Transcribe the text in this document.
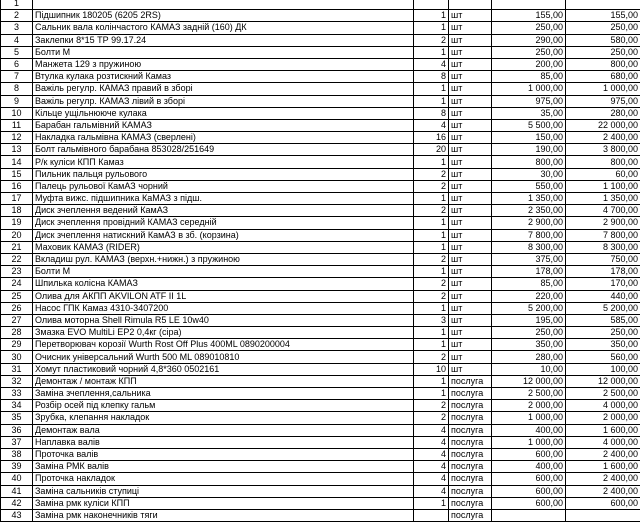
1					
2	Підшипник 180205 (6205 2RS)	1	шт	155,00	155,00
3	Сальник вала колінчастого КАМАЗ задній (160) ДК	1	шт	250,00	250,00
4	Заклепки 8*15 ТР 99.17.24	2	шт	290,00	580,00
5	Болти М	1	шт	250,00	250,00
6	Манжета 129 з пружиною	4	шт	200,00	800,00
7	Втулка кулака розтискний Камаз	8	шт	85,00	680,00
8	Важіль регулр. КАМАЗ правий в зборі	1	шт	1 000,00	1 000,00
9	Важіль регулр. КАМАЗ лівий в зборі	1	шт	975,00	975,00
10	Кільце ущільнююче кулака	8	шт	35,00	280,00
11	Барабан гальмівний КАМАЗ	4	шт	5 500,00	22 000,00
12	Накладка гальмівна КАМАЗ (сверлені)	16	шт	150,00	2 400,00
13	Болт гальмівного барабана 853028/251649	20	шт	190,00	3 800,00
14	Р/к куліси КПП Камаз	1	шт	800,00	800,00
15	Пильник пальця рульового	2	шт	30,00	60,00
16	Палець рульової КамАЗ чорний	2	шт	550,00	1 100,00
17	Муфта вижс. підшипника КаМАЗ з підш.	1	шт	1 350,00	1 350,00
18	Диск зчеплення ведений КамАЗ	2	шт	2 350,00	4 700,00
19	Диск зчеплення провідний КАМАЗ середній	1	шт	2 900,00	2 900,00
20	Диск зчеплення натискний КамАЗ в зб. (корзина)	1	шт	7 800,00	7 800,00
21	Маховик КАМАЗ (RIDER)	1	шт	8 300,00	8 300,00
22	Вкладиш рул. КАМАЗ (верхн.+нижн.) з пружиною	2	шт	375,00	750,00
23	Болти М	1	шт	178,00	178,00
24	Шпилька колісна КАМАЗ	2	шт	85,00	170,00
25	Олива для АКПП AKVILON ATF II 1L	2	шт	220,00	440,00
26	Насос ГПК Камаз 4310-3407200	1	шт	5 200,00	5 200,00
27	Олива моторна Shell Rimula R5 LE 10w40	3	шт	195,00	585,00
28	Змазка EVO MultiLi EP2 0,4кг (сіра)	1	шт	250,00	250,00
29	Перетворювач корозії Wurth Rost Off Plus 400ML 0890200004	1	шт	350,00	350,00
30	Очисник універсальний Wurth 500 ML 089010810	2	шт	280,00	560,00
31	Хомут пластиковий чорний 4,8*360 0502161	10	шт	10,00	100,00
32	Демонтаж / монтаж КПП	1	послуга	12 000,00	12 000,00
33	Заміна зчеплення,сальника	1	послуга	2 500,00	2 500,00
34	Розбір осей під клепку гальм	2	послуга	2 000,00	4 000,00
35	Зрубка, клепання накладок	2	послуга	1 000,00	2 000,00
36	Демонтаж вала	4	послуга	400,00	1 600,00
37	Наплавка валів	4	послуга	1 000,00	4 000,00
38	Проточка валів	4	послуга	600,00	2 400,00
39	Заміна РМК валів	4	послуга	400,00	1 600,00
40	Проточка накладок	4	послуга	600,00	2 400,00
41	Заміна сальників ступиці	4	послуга	600,00	2 400,00
42	Заміна рмк куліси КПП	1	послуга	600,00	600,00
43	Заміна рмк наконечників тяги		послуга		
